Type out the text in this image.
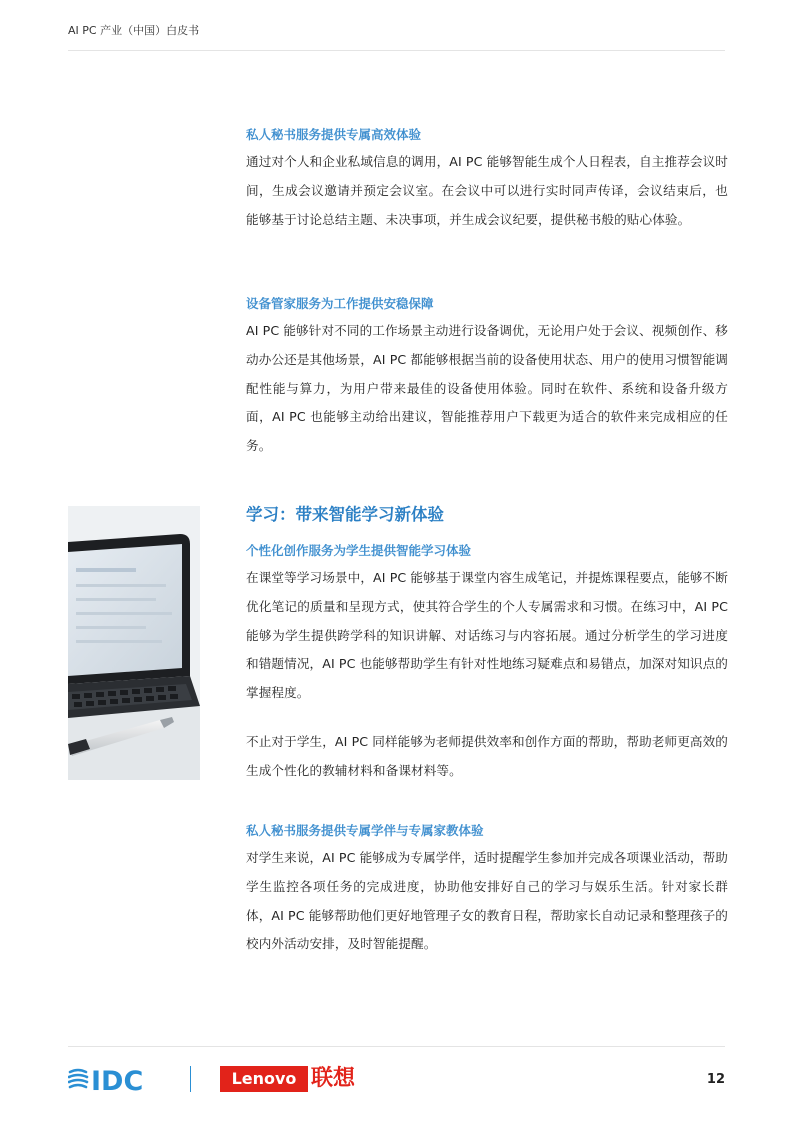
AI PC 产业（中国）白皮书
私人秘书服务提供专属高效体验
通过对个人和企业私域信息的调用，AI PC 能够智能生成个人日程表，自主推荐会议时间，生成会议邀请并预定会议室。在会议中可以进行实时同声传译，会议结束后，也能够基于讨论总结主题、未决事项，并生成会议纪要，提供秘书般的贴心体验。
设备管家服务为工作提供安稳保障
AI PC 能够针对不同的工作场景主动进行设备调优，无论用户处于会议、视频创作、移动办公还是其他场景，AI PC 都能够根据当前的设备使用状态、用户的使用习惯智能调配性能与算力，为用户带来最佳的设备使用体验。同时在软件、系统和设备升级方面，AI PC 也能够主动给出建议，智能推荐用户下载更为适合的软件来完成相应的任务。
学习：带来智能学习新体验
个性化创作服务为学生提供智能学习体验
在课堂等学习场景中，AI PC 能够基于课堂内容生成笔记，并提炼课程要点，能够不断优化笔记的质量和呈现方式，使其符合学生的个人专属需求和习惯。在练习中，AI PC 能够为学生提供跨学科的知识讲解、对话练习与内容拓展。通过分析学生的学习进度和错题情况，AI PC 也能够帮助学生有针对性地练习疑难点和易错点，加深对知识点的掌握程度。
不止对于学生，AI PC 同样能够为老师提供效率和创作方面的帮助，帮助老师更高效的生成个性化的教辅材料和备课材料等。
私人秘书服务提供专属学伴与专属家教体验
对学生来说，AI PC 能够成为专属学伴，适时提醒学生参加并完成各项课业活动，帮助学生监控各项任务的完成进度，协助他安排好自己的学习与娱乐生活。针对家长群体，AI PC 能够帮助他们更好地管理子女的教育日程，帮助家长自动记录和整理孩子的校内外活动安排，及时智能提醒。
IDC	Lenovo 联想	12
